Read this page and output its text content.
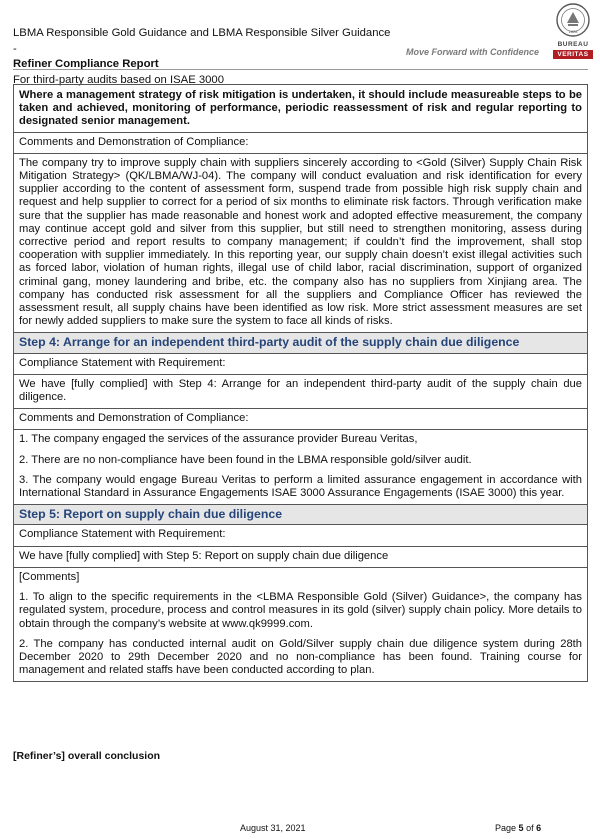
LBMA Responsible Gold Guidance and LBMA Responsible Silver Guidance -
Refiner Compliance Report
For third-party audits based on ISAE 3000
1828
Move Forward with Confidence
BUREAU
VERITAS
Where a management strategy of risk mitigation is undertaken, it should include measureable steps to be taken and achieved, monitoring of performance, periodic reassessment of risk and regular reporting to designated senior management.
Comments and Demonstration of Compliance:

The company try to improve supply chain with suppliers sincerely according to <Gold (Silver) Supply Chain Risk Mitigation Strategy> (QK/LBMA/WJ-04). The company will conduct evaluation and risk identification for every supplier according to the content of assessment form, suspend trade from possible high risk supply chain and request and help supplier to correct for a period of six months to eliminate risk factors. Through verification make sure that the supplier has made reasonable and honest work and adopted effective measurement, the company may continue accept gold and silver from this supplier, but still need to strengthen monitoring, assess during corrective period and report results to company management; if couldn’t find the improvement, shall stop cooperation with supplier immediately. In this reporting year, our supply chain doesn’t exist illegal activities such as forced labor, violation of human rights, illegal use of child labor, racial discrimination, support of organized criminal gang, money laundering and bribe, etc. the company also has no suppliers from Xinjiang area. The company has conducted risk assessment for all the suppliers and Compliance Officer has reviewed the assessment result, all supply chains have been identified as low risk. More strict assessment measures are set for newly added suppliers to make sure the system to face all kinds of risks.

Step 4: Arrange for an independent third-party audit of the supply chain due diligence
Compliance Statement with Requirement:
We have [fully complied] with Step 4: Arrange for an independent third-party audit of the supply chain due diligence.
Comments and Demonstration of Compliance:

1. The company engaged the services of the assurance provider Bureau Veritas,

2. There are no non-compliance have been found in the LBMA responsible gold/silver audit.

3. The company would engage Bureau Veritas to perform a limited assurance engagement in accordance with International Standard in Assurance Engagements ISAE 3000 Assurance Engagements (ISAE 3000) this year.

Step 5: Report on supply chain due diligence
Compliance Statement with Requirement:
We have [fully complied] with Step 5: Report on supply chain due diligence

[Comments]

1. To align to the specific requirements in the <LBMA Responsible Gold (Silver) Guidance>, the company has regulated system, procedure, process and control measures in its gold (silver) supply chain policy. More details to obtain through the company’s website at www.qk9999.com.

2. The company has conducted internal audit on Gold/Silver supply chain due diligence system during 28th December 2020 to 29th December 2020 and no non-compliance has been found. Training course for management and related staffs have been conducted according to plan.

[Refiner’s] overall conclusion
August 31, 2021	Page 5 of 6
